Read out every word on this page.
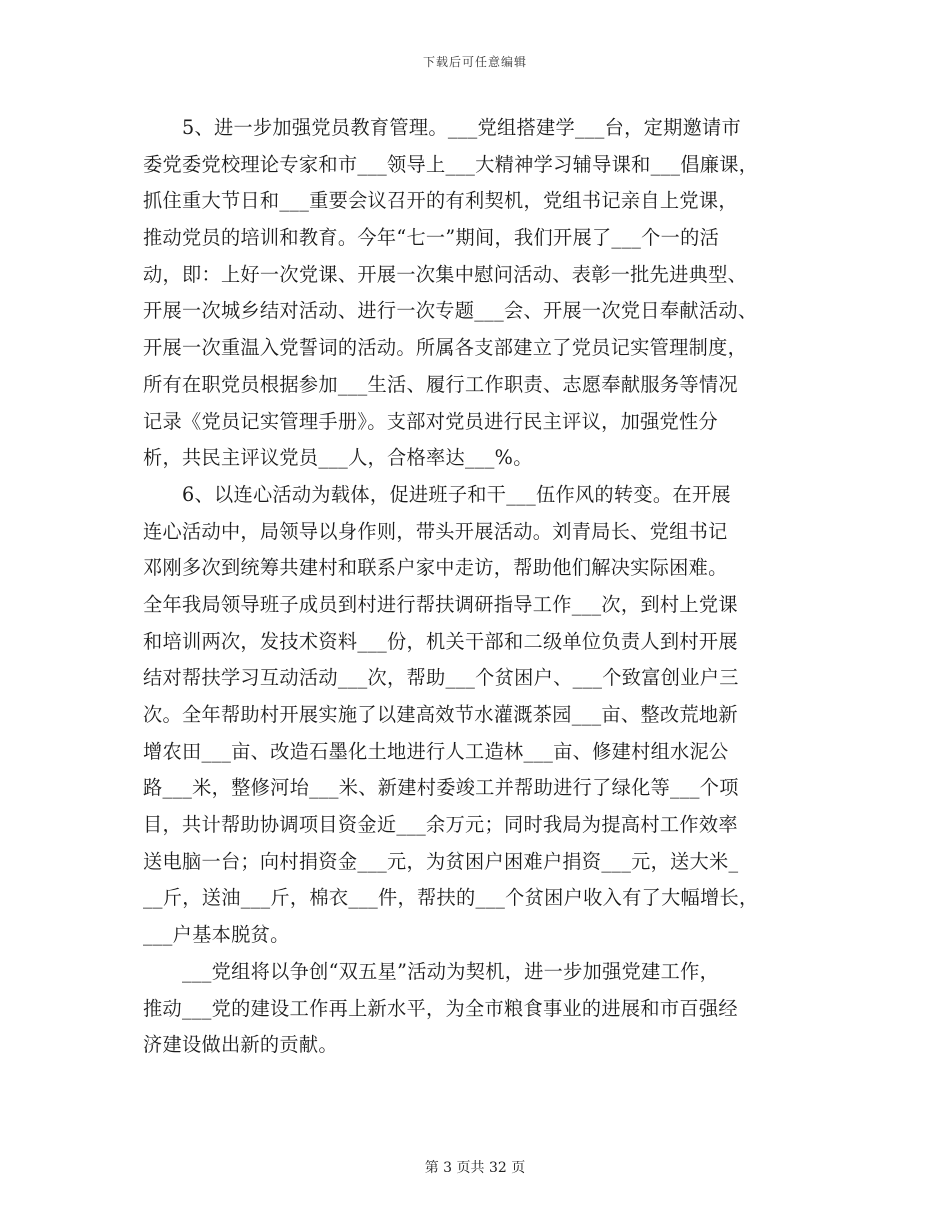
下载后可任意编辑
　　5、进一步加强党员教育管理。___党组搭建学___台，定期邀请市
委党委党校理论专家和市___领导上___大精神学习辅导课和___倡廉课，
抓住重大节日和___重要会议召开的有利契机，党组书记亲自上党课，
推动党员的培训和教育。今年“七一”期间，我们开展了___个一的活
动，即：上好一次党课、开展一次集中慰问活动、表彰一批先进典型、
开展一次城乡结对活动、进行一次专题___会、开展一次党日奉献活动、
开展一次重温入党誓词的活动。所属各支部建立了党员记实管理制度，
所有在职党员根据参加___生活、履行工作职责、志愿奉献服务等情况
记录《党员记实管理手册》。支部对党员进行民主评议，加强党性分
析，共民主评议党员___人，合格率达___%。
　　6、以连心活动为载体，促进班子和干___伍作风的转变。在开展
连心活动中，局领导以身作则，带头开展活动。刘青局长、党组书记
邓刚多次到统筹共建村和联系户家中走访，帮助他们解决实际困难。
全年我局领导班子成员到村进行帮扶调研指导工作___次，到村上党课
和培训两次，发技术资料___份，机关干部和二级单位负责人到村开展
结对帮扶学习互动活动___次，帮助___个贫困户、___个致富创业户三
次。全年帮助村开展实施了以建高效节水灌溉茶园___亩、整改荒地新
增农田___亩、改造石墨化土地进行人工造林___亩、修建村组水泥公
路___米，整修河坮___米、新建村委竣工并帮助进行了绿化等___个项
目，共计帮助协调项目资金近___余万元；同时我局为提高村工作效率
送电脑一台；向村捐资金___元，为贫困户困难户捐资___元，送大米_
__斤，送油___斤，棉衣___件，帮扶的___个贫困户收入有了大幅增长，
___户基本脱贫。
　　___党组将以争创“双五星”活动为契机，进一步加强党建工作，
推动___党的建设工作再上新水平，为全市粮食事业的进展和市百强经
济建设做出新的贡献。
第 3 页共 32 页
